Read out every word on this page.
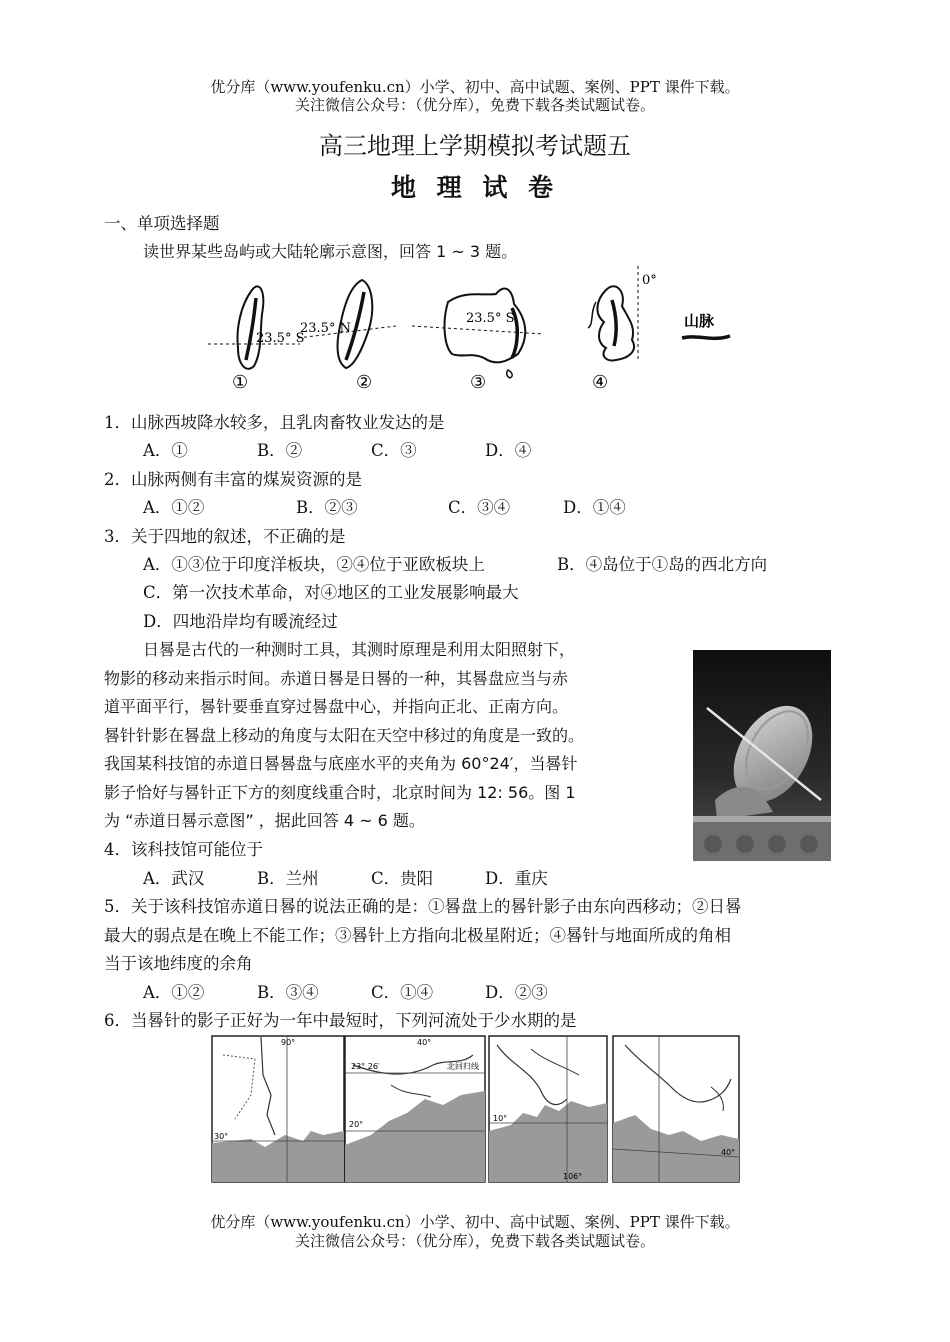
优分库（www.youfenku.cn）小学、初中、高中试题、案例、PPT 课件下载。
关注微信公众号：（优分库），免费下载各类试题试卷。
高三地理上学期模拟考试题五
地 理 试 卷
一、单项选择题
读世界某些岛屿或大陆轮廓示意图，回答 1 ~ 3 题。
23.5° S
23.5° N
23.5° S
0°
山脉
①	②	③	④
1．山脉西坡降水较多，且乳肉畜牧业发达的是
A．①	B．②	C．③	D．④
2．山脉两侧有丰富的煤炭资源的是
A．①②	B．②③	C．③④	D．①④
3．关于四地的叙述，不正确的是
A．①③位于印度洋板块，②④位于亚欧板块上	B．④岛位于①岛的西北方向
C．第一次技术革命，对④地区的工业发展影响最大
D．四地沿岸均有暖流经过
日晷是古代的一种测时工具，其测时原理是利用太阳照射下，
物影的移动来指示时间。赤道日晷是日晷的一种，其晷盘应当与赤
道平面平行，晷针要垂直穿过晷盘中心，并指向正北、正南方向。
晷针针影在晷盘上移动的角度与太阳在天空中移过的角度是一致的。
我国某科技馆的赤道日晷晷盘与底座水平的夹角为 60°24′，当晷针
影子恰好与晷针正下方的刻度线重合时，北京时间为 12: 56。图 1
为 “赤道日晷示意图” ，据此回答 4 ~ 6 题。
4．该科技馆可能位于
A．武汉	B．兰州	C．贵阳	D．重庆
5．关于该科技馆赤道日晷的说法正确的是：①晷盘上的晷针影子由东向西移动；②日晷
最大的弱点是在晚上不能工作；③晷针上方指向北极星附近；④晷针与地面所成的角相
当于该地纬度的余角
A．①②	B．③④	C．①④	D．②③
6．当晷针的影子正好为一年中最短时，下列河流处于少水期的是
90°
30°
23° 26′	北回归线
20°
40°
10°
106°
40°
优分库（www.youfenku.cn）小学、初中、高中试题、案例、PPT 课件下载。
关注微信公众号：（优分库），免费下载各类试题试卷。
